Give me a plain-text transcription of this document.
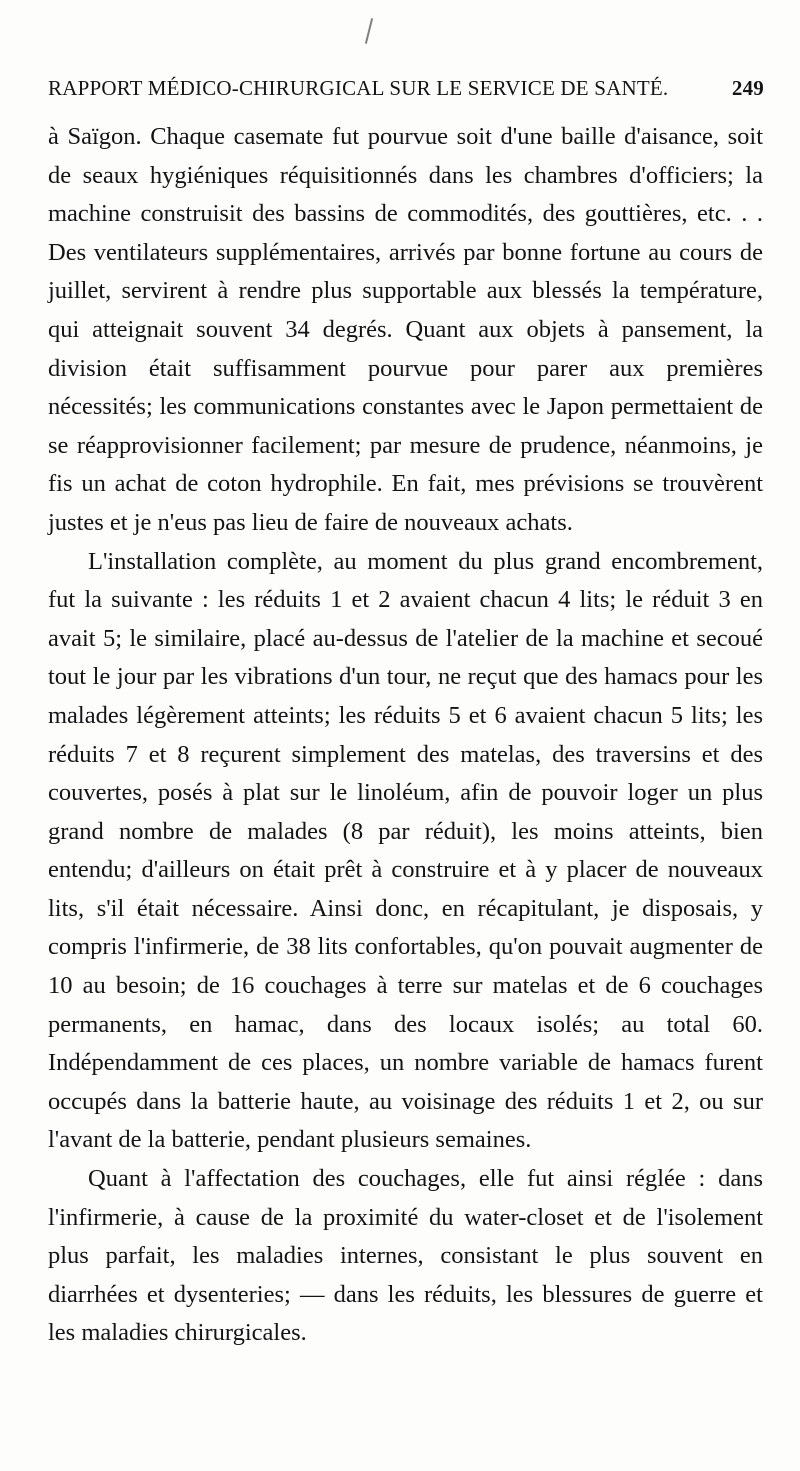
RAPPORT MÉDICO-CHIRURGICAL SUR LE SERVICE DE SANTÉ.	249

à Saïgon. Chaque casemate fut pourvue soit d'une baille d'aisance, soit de seaux hygiéniques réquisitionnés dans les chambres d'officiers; la machine construisit des bassins de commodités, des gouttières, etc. . . Des ventilateurs supplémentaires, arrivés par bonne fortune au cours de juillet, servirent à rendre plus supportable aux blessés la température, qui atteignait souvent 34 degrés. Quant aux objets à pansement, la division était suffisamment pourvue pour parer aux premières nécessités; les communications constantes avec le Japon permettaient de se réapprovisionner facilement; par mesure de prudence, néanmoins, je fis un achat de coton hydrophile. En fait, mes prévisions se trouvèrent justes et je n'eus pas lieu de faire de nouveaux achats.

L'installation complète, au moment du plus grand encombrement, fut la suivante : les réduits 1 et 2 avaient chacun 4 lits; le réduit 3 en avait 5; le similaire, placé au-dessus de l'atelier de la machine et secoué tout le jour par les vibrations d'un tour, ne reçut que des hamacs pour les malades légèrement atteints; les réduits 5 et 6 avaient chacun 5 lits; les réduits 7 et 8 reçurent simplement des matelas, des traversins et des couvertes, posés à plat sur le linoléum, afin de pouvoir loger un plus grand nombre de malades (8 par réduit), les moins atteints, bien entendu; d'ailleurs on était prêt à construire et à y placer de nouveaux lits, s'il était nécessaire. Ainsi donc, en récapitulant, je disposais, y compris l'infirmerie, de 38 lits confortables, qu'on pouvait augmenter de 10 au besoin; de 16 couchages à terre sur matelas et de 6 couchages permanents, en hamac, dans des locaux isolés; au total 60. Indépendamment de ces places, un nombre variable de hamacs furent occupés dans la batterie haute, au voisinage des réduits 1 et 2, ou sur l'avant de la batterie, pendant plusieurs semaines.

Quant à l'affectation des couchages, elle fut ainsi réglée : dans l'infirmerie, à cause de la proximité du water-closet et de l'isolement plus parfait, les maladies internes, consistant le plus souvent en diarrhées et dysenteries; — dans les réduits, les blessures de guerre et les maladies chirurgicales.
